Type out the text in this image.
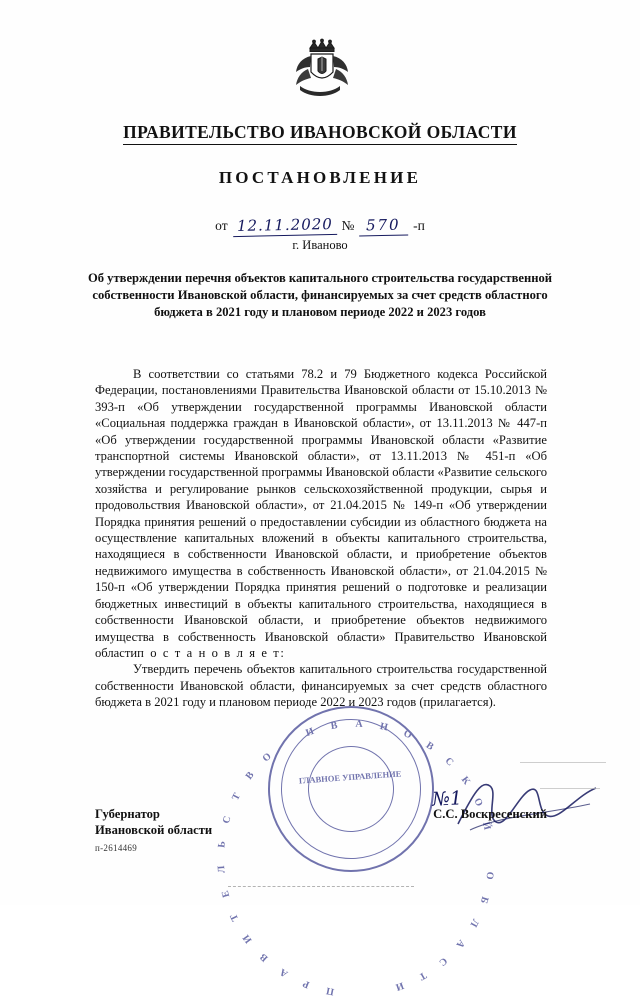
ПРАВИТЕЛЬСТВО ИВАНОВСКОЙ ОБЛАСТИ
ПОСТАНОВЛЕНИЕ
от 12.11.2020 № 570 -п
г. Иваново
Об утверждении перечня объектов капитального строительства государственной собственности Ивановской области, финансируемых за счет средств областного бюджета в 2021 году и плановом периоде 2022 и 2023 годов

В соответствии со статьями 78.2 и 79 Бюджетного кодекса Российской Федерации, постановлениями Правительства Ивановской области от 15.10.2013 № 393-п «Об утверждении государственной программы Ивановской области «Социальная поддержка граждан в Ивановской области», от 13.11.2013 № 447-п «Об утверждении государственной программы Ивановской области «Развитие транспортной системы Ивановской области», от 13.11.2013 № 451-п «Об утверждении государственной программы Ивановской области «Развитие сельского хозяйства и регулирование рынков сельскохозяйственной продукции, сырья и продовольствия Ивановской области», от 21.04.2015 № 149-п «Об утверждении Порядка принятия решений о предоставлении субсидии из областного бюджета на осуществление капитальных вложений в объекты капитального строительства, находящиеся в собственности Ивановской области, и приобретение объектов недвижимого имущества в собственность Ивановской области», от 21.04.2015 № 150-п «Об утверждении Порядка принятия решений о подготовке и реализации бюджетных инвестиций в объекты капитального строительства, находящиеся в собственности Ивановской области, и приобретение объектов недвижимого имущества в собственность Ивановской области» Правительство Ивановской областип о с т а н о в л я е т:

Утвердить перечень объектов капитального строительства государственной собственности Ивановской области, финансируемых за счет средств областного бюджета в 2021 году и плановом периоде 2022 и 2023 годов (прилагается).

ГЛАВНОЕ УПРАВЛЕНИЕ
П
Р
А
В
И
Т
Е
Л
Ь
С
Т
В
О
И В А Н
О
В
С
К
О
Й
О
Б
Л
А
С
Т
И
№1
Губернатор
Ивановской области
п-2614469
С.С. Воскресенский
